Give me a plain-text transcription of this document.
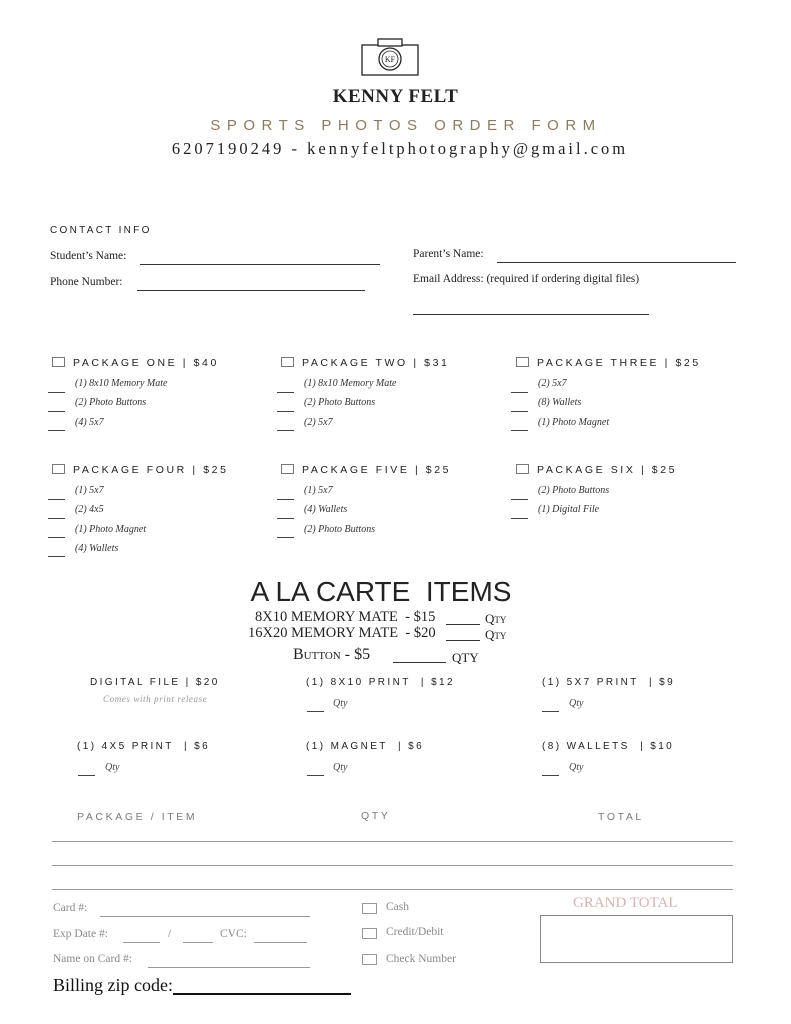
KF
KENNY FELT
SPORTS PHOTOS ORDER FORM
6207190249 - kennyfeltphotography@gmail.com
CONTACT INFO
Student’s Name:
Phone Number:
Parent’s Name:
Email Address: (required if ordering digital files)
PACKAGE ONE | $40
(1) 8x10 Memory Mate
(2) Photo Buttons
(4) 5x7
PACKAGE TWO | $31
(1) 8x10 Memory Mate
(2) Photo Buttons
(2) 5x7
PACKAGE THREE | $25
(2) 5x7
(8) Wallets
(1) Photo Magnet
PACKAGE FOUR | $25
(1) 5x7
(2) 4x5
(1) Photo Magnet
(4) Wallets
PACKAGE FIVE | $25
(1) 5x7
(4) Wallets
(2) Photo Buttons
PACKAGE SIX | $25
(2) Photo Buttons
(1) Digital File
A LA CARTE  ITEMS
8X10 MEMORY MATE  - $15	Qty
16X20 MEMORY MATE  - $20	Qty
Button - $5	QTY
DIGITAL FILE | $20
Comes with print release
(1) 8X10 PRINT  | $12
Qty
(1) 5X7 PRINT  | $9
Qty
(1) 4X5 PRINT  | $6
Qty
(1) MAGNET  | $6
Qty
(8) WALLETS  | $10
Qty
PACKAGE / ITEM	QTY	TOTAL
Card #:
Exp Date #:	/	CVC:
Name on Card #:
Billing zip code:
Cash
Credit/Debit
Check Number
GRAND TOTAL
